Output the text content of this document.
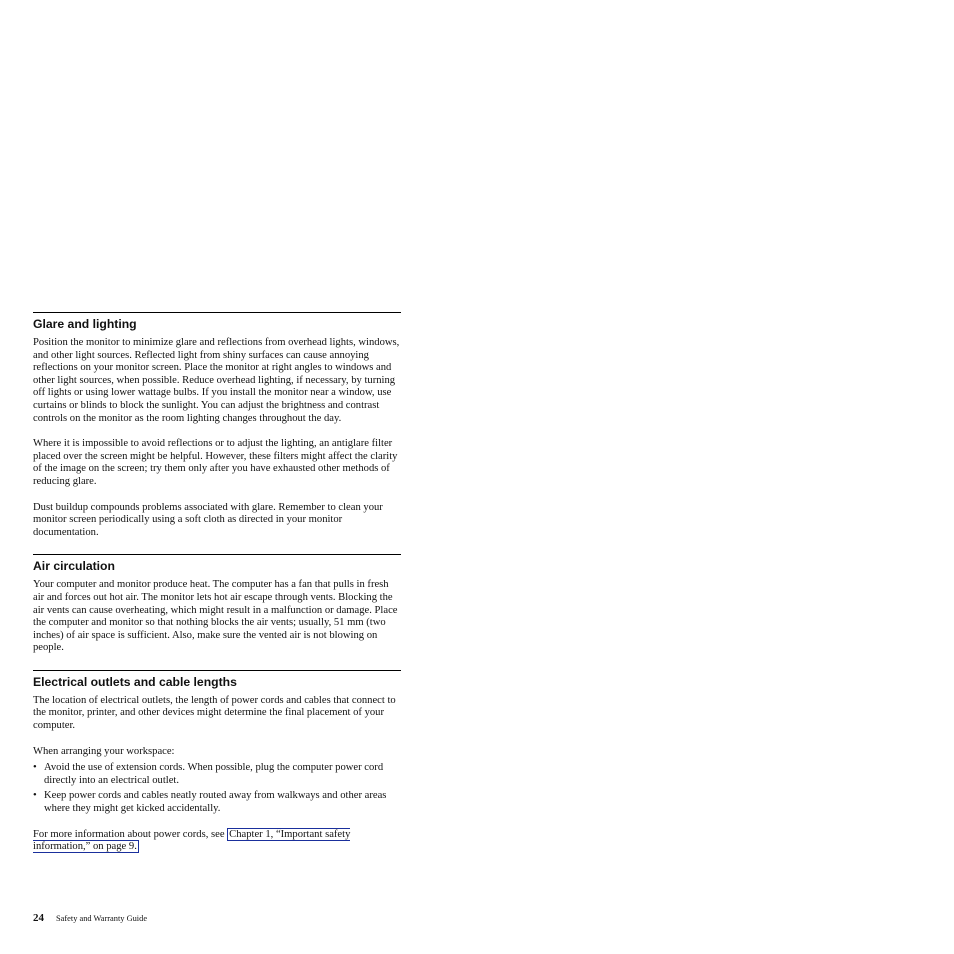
Glare and lighting

Position the monitor to minimize glare and reflections from overhead lights, windows, and other light sources. Reflected light from shiny surfaces can cause annoying reflections on your monitor screen. Place the monitor at right angles to windows and other light sources, when possible. Reduce overhead lighting, if necessary, by turning off lights or using lower wattage bulbs. If you install the monitor near a window, use curtains or blinds to block the sunlight. You can adjust the brightness and contrast controls on the monitor as the room lighting changes throughout the day.

Where it is impossible to avoid reflections or to adjust the lighting, an antiglare filter placed over the screen might be helpful. However, these filters might affect the clarity of the image on the screen; try them only after you have exhausted other methods of reducing glare.

Dust buildup compounds problems associated with glare. Remember to clean your monitor screen periodically using a soft cloth as directed in your monitor documentation.

Air circulation

Your computer and monitor produce heat. The computer has a fan that pulls in fresh air and forces out hot air. The monitor lets hot air escape through vents. Blocking the air vents can cause overheating, which might result in a malfunction or damage. Place the computer and monitor so that nothing blocks the air vents; usually, 51 mm (two inches) of air space is sufficient. Also, make sure the vented air is not blowing on people.

Electrical outlets and cable lengths

The location of electrical outlets, the length of power cords and cables that connect to the monitor, printer, and other devices might determine the final placement of your computer.

When arranging your workspace:

• Avoid the use of extension cords. When possible, plug the computer power cord directly into an electrical outlet.
• Keep power cords and cables neatly routed away from walkways and other areas where they might get kicked accidentally.

For more information about power cords, see Chapter 1, “Important safety information,” on page 9.

24 Safety and Warranty Guide
